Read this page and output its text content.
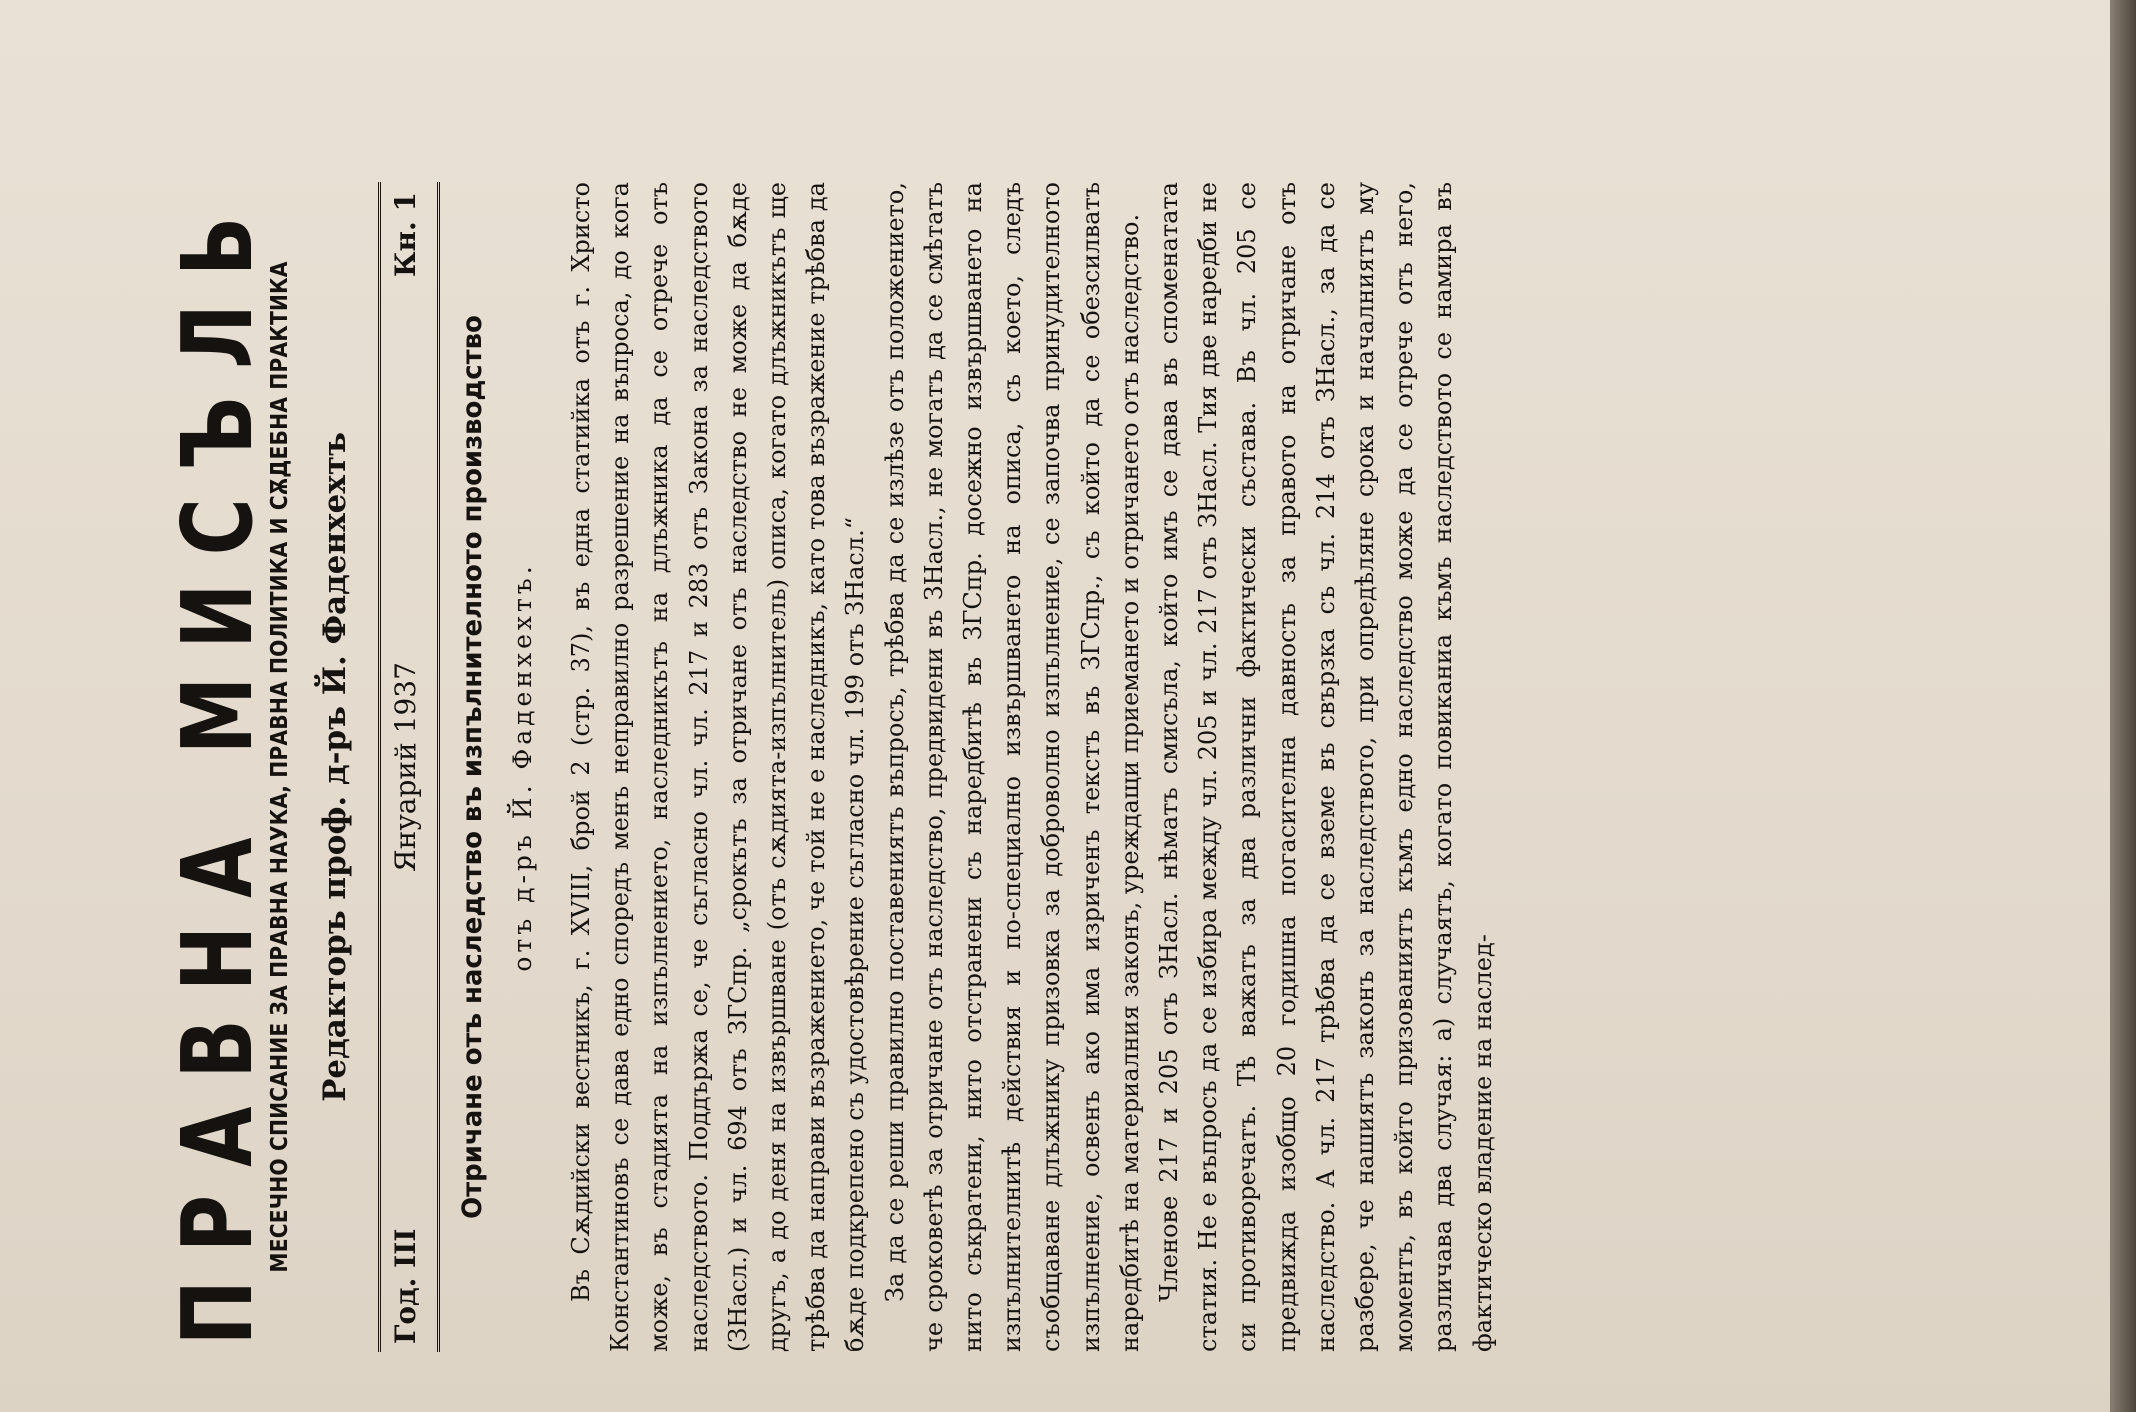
ПРАВНА МИСЪЛЬ
МЕСЕЧНО СПИСАНИЕ ЗА ПРАВНА НАУКА, ПРАВНА ПОЛИТИКА И СѪДЕБНА ПРАКТИКА Редакторъ проф. д-ръ Й. Фаденхехтъ
Год. III
Януарий 1937
Кн. 1
Отричане отъ наследство въ изпълнителното производство отъ д-ръ Й. Фаденхехтъ. Въ Сѫдийски вестникъ, г. XVIII, брой 2 (стр. 37), въ една статийка отъ г. Христо Константиновъ се дава едно споредъ менъ неправилно разрешение на въпроса, до кога може, въ стадията на изпълнението, наследникътъ на длъжника да се отрече отъ наследството. Поддържа се, че съгласно чл. чл. 217 и 283 отъ Закона за наследството (ЗНасл.) и чл. 694 отъ ЗГСпр. „срокътъ за отричане отъ наследство не може да бѫде другъ, а до деня на извършване (отъ сѫдията-изпълнитель) описа, когато длъжникътъ ще трѣбва да направи възражението, че той не е наследникъ, като това възражение трѣбва да бѫде подкрепено съ удостовѣрение съгласно чл. 199 отъ ЗНасл.“ За да се реши правилно поставениятъ въпросъ, трѣбва да се излѣзе отъ положението, че сроковетѣ за отричане отъ наследство, предвидени въ ЗНасл., не могатъ да се смѣтатъ нито съкратени, нито отстранени съ наредбитѣ въ ЗГСпр. досежно извършването на изпълнителнитѣ действия и по-специално извършването на описа, съ което, следъ съобщаване длъжнику призовка за доброволно изпълнение, се започва принудителното изпълнение, освенъ ако има изриченъ текстъ въ ЗГСпр., съ който да се обезсилватъ наредбитѣ на материалния законъ, уреждащи приемането и отричането отъ наследство. Членове 217 и 205 отъ ЗНасл. нѣматъ смисъла, който имъ се дава въ споменатата статия. Не е въпросъ да се избира между чл. 205 и чл. 217 отъ ЗНасл. Тия две наредби не си противоречатъ. Тѣ важатъ за два различни фактически състава. Въ чл. 205 се предвижда изобщо 20 годишна погасителна давность за правото на отричане отъ наследство. А чл. 217 трѣбва да се вземе въ свързка съ чл. 214 отъ ЗНасл., за да се разбере, че нашиятъ законъ за наследството, при опредѣляне срока и началниятъ му моментъ, въ който призованиятъ къмъ едно наследство може да се отрече отъ него, различава два случая: а) случаятъ, когато повиканиа къмъ наследството се намира въ фактическо владение на наслед-
